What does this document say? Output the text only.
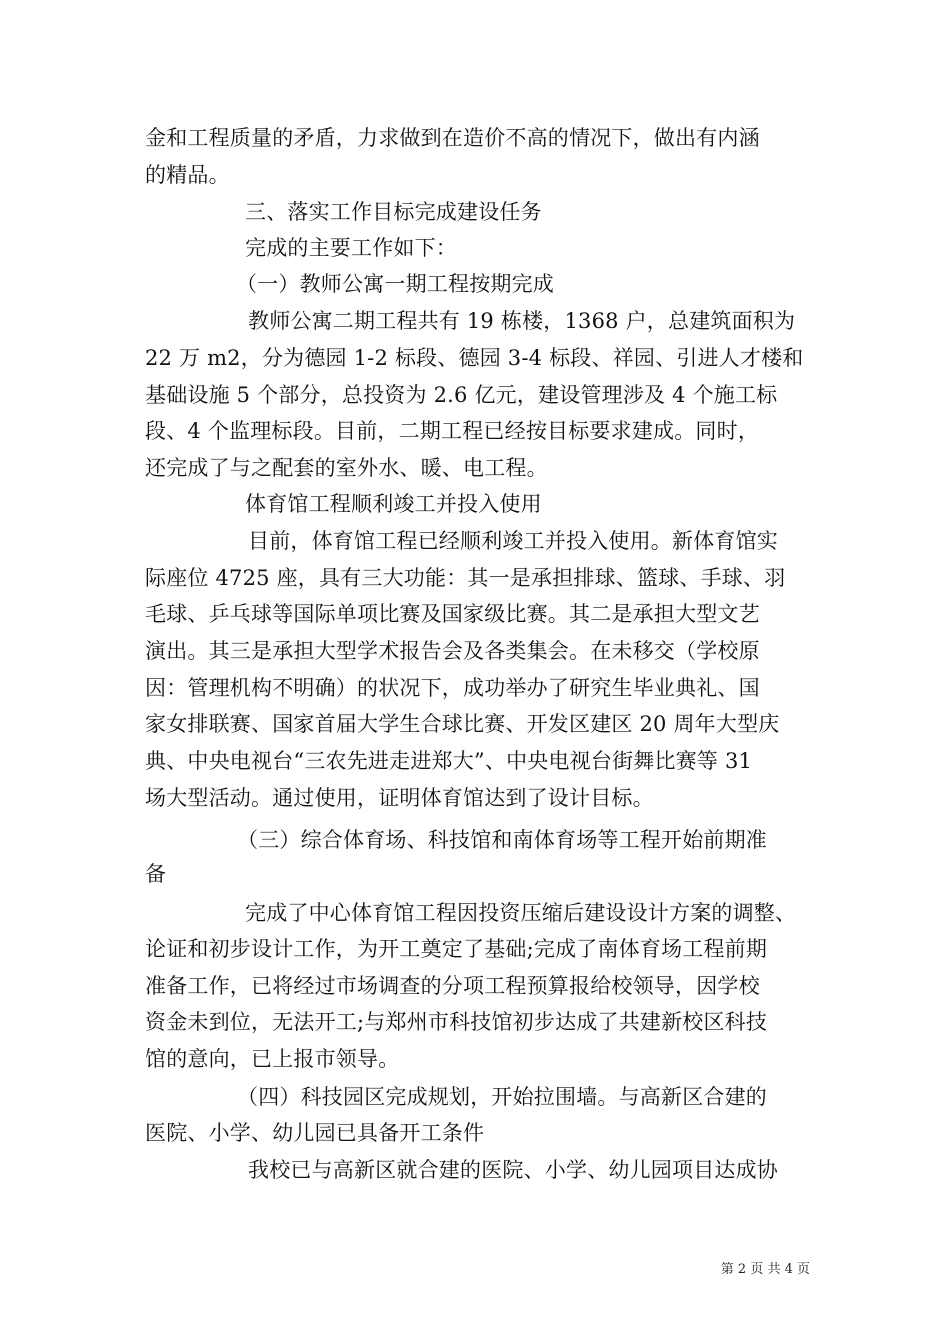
金和工程质量的矛盾，力求做到在造价不高的情况下，做出有内涵
的精品。
三、落实工作目标完成建设任务
完成的主要工作如下：
（一）教师公寓一期工程按期完成
教师公寓二期工程共有 19 栋楼，1368 户，总建筑面积为
22 万 m2，分为德园 1-2 标段、德园 3-4 标段、祥园、引进人才楼和
基础设施 5 个部分，总投资为 2.6 亿元，建设管理涉及 4 个施工标
段、4 个监理标段。目前，二期工程已经按目标要求建成。同时，
还完成了与之配套的室外水、暖、电工程。
体育馆工程顺利竣工并投入使用
目前，体育馆工程已经顺利竣工并投入使用。新体育馆实
际座位 4725 座，具有三大功能：其一是承担排球、篮球、手球、羽
毛球、乒乓球等国际单项比赛及国家级比赛。其二是承担大型文艺
演出。其三是承担大型学术报告会及各类集会。在未移交（学校原
因：管理机构不明确）的状况下，成功举办了研究生毕业典礼、国
家女排联赛、国家首届大学生合球比赛、开发区建区 20 周年大型庆
典、中央电视台“三农先进走进郑大”、中央电视台街舞比赛等 31
场大型活动。通过使用，证明体育馆达到了设计目标。
（三）综合体育场、科技馆和南体育场等工程开始前期准
备
完成了中心体育馆工程因投资压缩后建设设计方案的调整、
论证和初步设计工作，为开工奠定了基础;完成了南体育场工程前期
准备工作，已将经过市场调查的分项工程预算报给校领导，因学校
资金未到位，无法开工;与郑州市科技馆初步达成了共建新校区科技
馆的意向，已上报市领导。
（四）科技园区完成规划，开始拉围墙。与高新区合建的
医院、小学、幼儿园已具备开工条件
我校已与高新区就合建的医院、小学、幼儿园项目达成协
第 2 页 共 4 页
